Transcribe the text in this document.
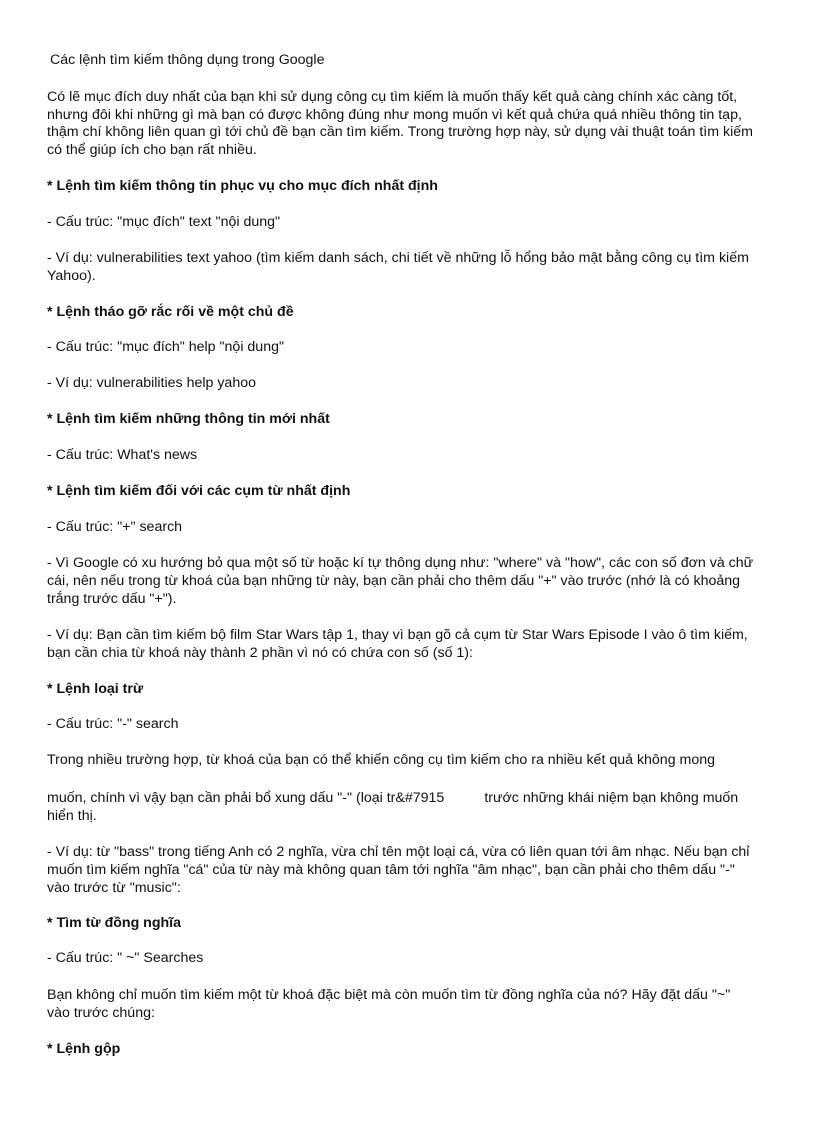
Các lệnh tìm kiếm thông dụng trong Google
Có lẽ mục đích duy nhất của bạn khi sử dụng công cụ tìm kiếm là muốn thấy kết quả càng chính xác càng tốt,
nhưng đôi khi những gì mà bạn có được không đúng như mong muốn vì kết quả chứa quá nhiều thông tin tạp,
thậm chí không liên quan gì tới chủ đề bạn cần tìm kiếm. Trong trường hợp này, sử dụng vài thuật toán tìm kiếm
có thể giúp ích cho bạn rất nhiều.
* Lệnh tìm kiếm thông tin phục vụ cho mục đích nhất định
- Cấu trúc: "mục đích" text "nội dung"
- Ví dụ: vulnerabilities text yahoo (tìm kiếm danh sách, chi tiết về những lỗ hổng bảo mật bằng công cụ tìm kiếm
Yahoo).
* Lệnh tháo gỡ rắc rối về một chủ đề
- Cấu trúc: "mục đích" help "nội dung"
- Ví dụ: vulnerabilities help yahoo
* Lệnh tìm kiếm những thông tin mới nhất
- Cấu trúc: What's news
* Lệnh tìm kiếm đối với các cụm từ nhất định
- Cấu trúc: "+" search
- Vì Google có xu hướng bỏ qua một số từ hoặc kí tự thông dụng như: "where" và "how", các con số đơn và chữ
cái, nên nếu trong từ khoá của bạn những từ này, bạn cần phải cho thêm dấu "+" vào trước (nhớ là có khoảng
trắng trước dấu "+").
- Ví dụ: Bạn cần tìm kiếm bộ film Star Wars tập 1, thay vì bạn gõ cả cụm từ Star Wars Episode I vào ô tìm kiếm,
bạn cần chia từ khoá này thành 2 phần vì nó có chứa con số (số 1):
* Lệnh loại trừ
- Cấu trúc: "-" search
Trong nhiều trường hợp, từ khoá của bạn có thể khiến công cụ tìm kiếm cho ra nhiều kết quả không mong
muốn, chính vì vậy bạn cần phải bổ xung dấu "-" (loại tr&#7915	trước những khái niệm bạn không muốn
hiển thị.
- Ví dụ: từ "bass" trong tiếng Anh có 2 nghĩa, vừa chỉ tên một loại cá, vừa có liên quan tới âm nhạc. Nếu bạn chỉ
muốn tìm kiếm nghĩa "cá" của từ này mà không quan tâm tới nghĩa "âm nhạc", bạn cần phải cho thêm dấu "-"
vào trước từ "music":
* Tìm từ đồng nghĩa
- Cấu trúc: " ~" Searches
Bạn không chỉ muốn tìm kiếm một từ khoá đặc biệt mà còn muốn tìm từ đồng nghĩa của nó? Hãy đặt dấu "~"
vào trước chúng:
* Lệnh gộp
